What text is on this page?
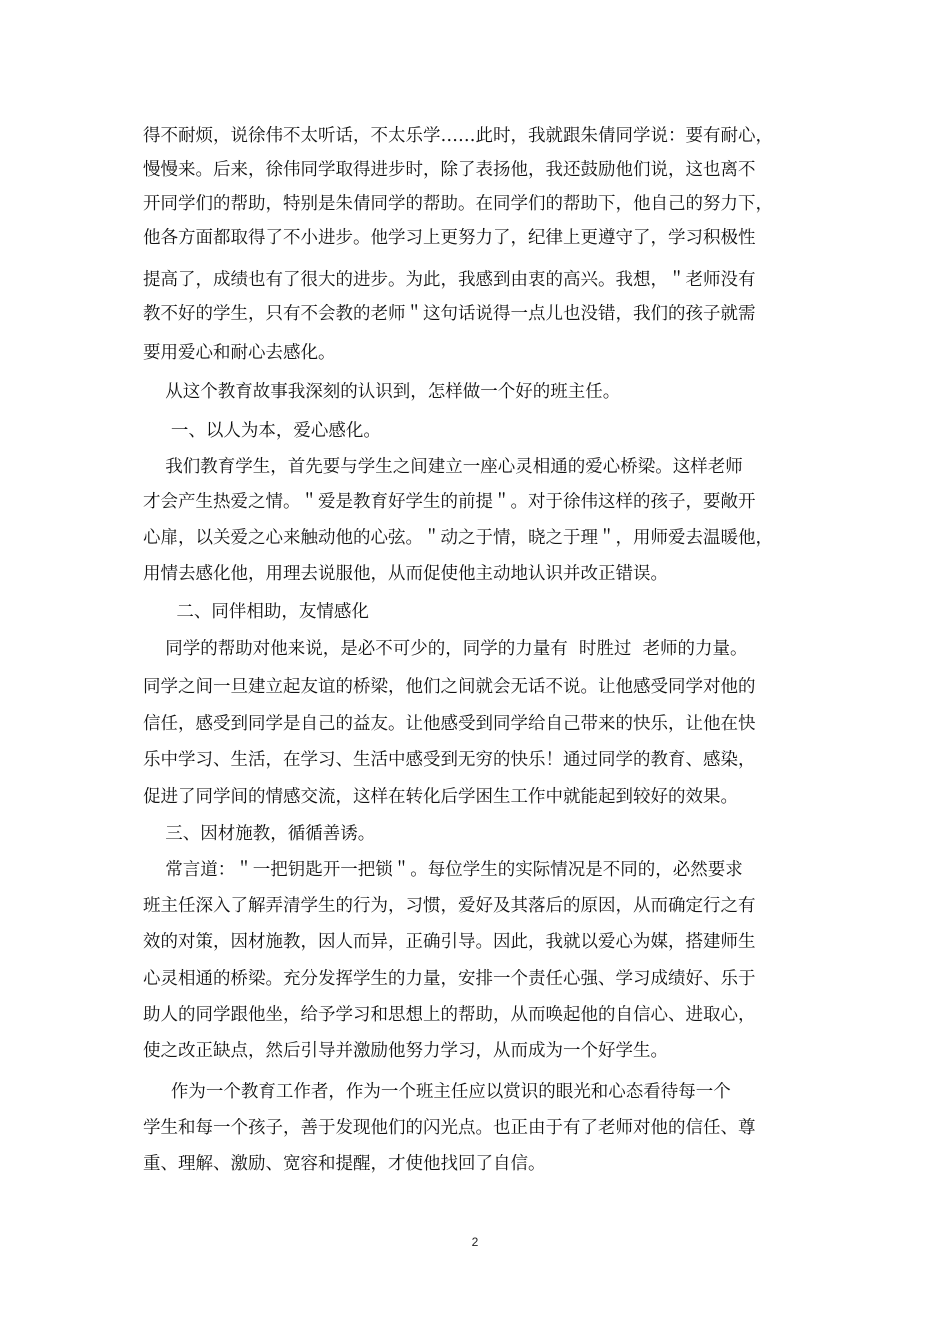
得不耐烦，说徐伟不太听话，不太乐学……此时，我就跟朱倩同学说：要有耐心，
慢慢来。后来，徐伟同学取得进步时，除了表扬他，我还鼓励他们说，这也离不
开同学们的帮助，特别是朱倩同学的帮助。在同学们的帮助下，他自己的努力下，
他各方面都取得了不小进步。他学习上更努力了，纪律上更遵守了，学习积极性
提高了，成绩也有了很大的进步。为此，我感到由衷的高兴。我想，＂老师没有
教不好的学生，只有不会教的老师＂这句话说得一点儿也没错，我们的孩子就需
要用爱心和耐心去感化。
从这个教育故事我深刻的认识到，怎样做一个好的班主任。
一、以人为本，爱心感化。
我们教育学生，首先要与学生之间建立一座心灵相通的爱心桥梁。这样老师
才会产生热爱之情。＂爱是教育好学生的前提＂。对于徐伟这样的孩子，要敞开
心扉，以关爱之心来触动他的心弦。＂动之于情，晓之于理＂，用师爱去温暖他，
用情去感化他，用理去说服他，从而促使他主动地认识并改正错误。
二、同伴相助，友情感化
同学的帮助对他来说，是必不可少的，同学的力量有  时胜过  老师的力量。
同学之间一旦建立起友谊的桥梁，他们之间就会无话不说。让他感受同学对他的
信任，感受到同学是自己的益友。让他感受到同学给自己带来的快乐，让他在快
乐中学习、生活，在学习、生活中感受到无穷的快乐！通过同学的教育、感染，
促进了同学间的情感交流，这样在转化后学困生工作中就能起到较好的效果。
三、因材施教，循循善诱。
常言道：＂一把钥匙开一把锁＂。每位学生的实际情况是不同的，必然要求
班主任深入了解弄清学生的行为，习惯，爱好及其落后的原因，从而确定行之有
效的对策，因材施教，因人而异，正确引导。因此，我就以爱心为媒，搭建师生
心灵相通的桥梁。充分发挥学生的力量，安排一个责任心强、学习成绩好、乐于
助人的同学跟他坐，给予学习和思想上的帮助，从而唤起他的自信心、进取心，
使之改正缺点，然后引导并激励他努力学习，从而成为一个好学生。
作为一个教育工作者，作为一个班主任应以赏识的眼光和心态看待每一个
学生和每一个孩子，善于发现他们的闪光点。也正由于有了老师对他的信任、尊
重、理解、激励、宽容和提醒，才使他找回了自信。
2
